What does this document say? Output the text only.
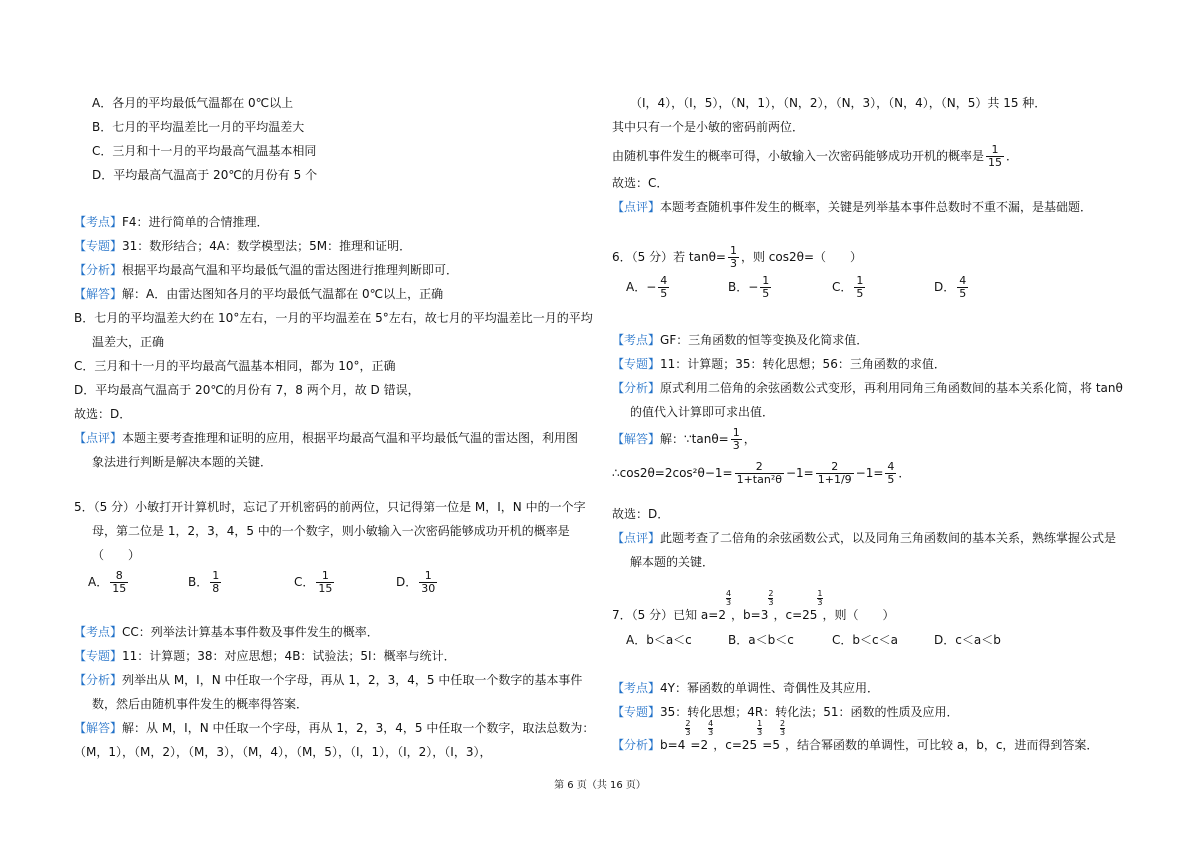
A．各月的平均最低气温都在 0℃以上
B．七月的平均温差比一月的平均温差大
C．三月和十一月的平均最高气温基本相同
D．平均最高气温高于 20℃的月份有 5 个
【考点】F4：进行简单的合情推理．
【专题】31：数形结合；4A：数学模型法；5M：推理和证明．
【分析】根据平均最高气温和平均最低气温的雷达图进行推理判断即可．
【解答】解：A．由雷达图知各月的平均最低气温都在 0℃以上，正确
B．七月的平均温差大约在 10°左右，一月的平均温差在 5°左右，故七月的平均温差比一月的平均
温差大，正确
C．三月和十一月的平均最高气温基本相同，都为 10°，正确
D．平均最高气温高于 20℃的月份有 7，8 两个月，故 D 错误，
故选：D．
【点评】本题主要考查推理和证明的应用，根据平均最高气温和平均最低气温的雷达图，利用图
象法进行判断是解决本题的关键．
5．（5 分）小敏打开计算机时，忘记了开机密码的前两位，只记得第一位是 M，I，N 中的一个字
母，第二位是 1，2，3，4，5 中的一个数字，则小敏输入一次密码能够成功开机的概率是
（　　）
A． $\frac{8}{15}$	B． $\frac{1}{8}$	C． $\frac{1}{15}$	D． $\frac{1}{30}$
【考点】CC：列举法计算基本事件数及事件发生的概率．
【专题】11：计算题；38：对应思想；4B：试验法；5I：概率与统计．
【分析】列举出从 M，I，N 中任取一个字母，再从 1，2，3，4，5 中任取一个数字的基本事件
数，然后由随机事件发生的概率得答案．
【解答】解：从 M，I，N 中任取一个字母，再从 1，2，3，4，5 中任取一个数字，取法总数为：
（M，1），（M，2），（M，3），（M，4），（M，5），（I，1），（I，2），（I，3），
（I，4），（I，5），（N，1），（N，2），（N，3），（N，4），（N，5）共 15 种．
其中只有一个是小敏的密码前两位．
由随机事件发生的概率可得，小敏输入一次密码能够成功开机的概率是 $\frac{1}{15}$ ．
故选：C．
【点评】本题考查随机事件发生的概率，关键是列举基本事件总数时不重不漏，是基础题．
6．（5 分）若 $\tan\theta= \frac{1}{3}$ ，则 cos2θ=（　　）
A．− $\frac{4}{5}$	B．− $\frac{1}{5}$	C． $\frac{1}{5}$	D． $\frac{4}{5}$
【考点】GF：三角函数的恒等变换及化简求值．
【专题】11：计算题；35：转化思想；56：三角函数的求值．
【分析】原式利用二倍角的余弦函数公式变形，再利用同角三角函数间的基本关系化简，将 tanθ
的值代入计算即可求出值．
【解答】解：∵tanθ= $\frac{1}{3}$ ，
∴cos2θ=2cos²θ−1= $\frac{2}{\text{1+tan²θ}} -1= \frac{2}{1+1/9} -1= \frac{4}{5}$ ．
故选：D．
【点评】此题考查了二倍角的余弦函数公式，以及同角三角函数间的基本关系，熟练掌握公式是
解本题的关键．
7．（5 分）已知 a=2
$\frac{4}{3}$
，b=3
$\frac{2}{3}$
，c=25
$\frac{1}{3}$
，则（　　）
A．b＜a＜c	B．a＜b＜c	C．b＜c＜a	D．c＜a＜b
【考点】4Y：幂函数的单调性、奇偶性及其应用．
【专题】35：转化思想；4R：转化法；51：函数的性质及应用．
【分析】b=4
$\frac{2}{3}$
=2
$\frac{4}{3}$
，c=25
$\frac{1}{3}$
=5
$\frac{2}{3}$
，结合幂函数的单调性，可比较 a，b，c，进而得到答案．
第 6 页（共 16 页）
